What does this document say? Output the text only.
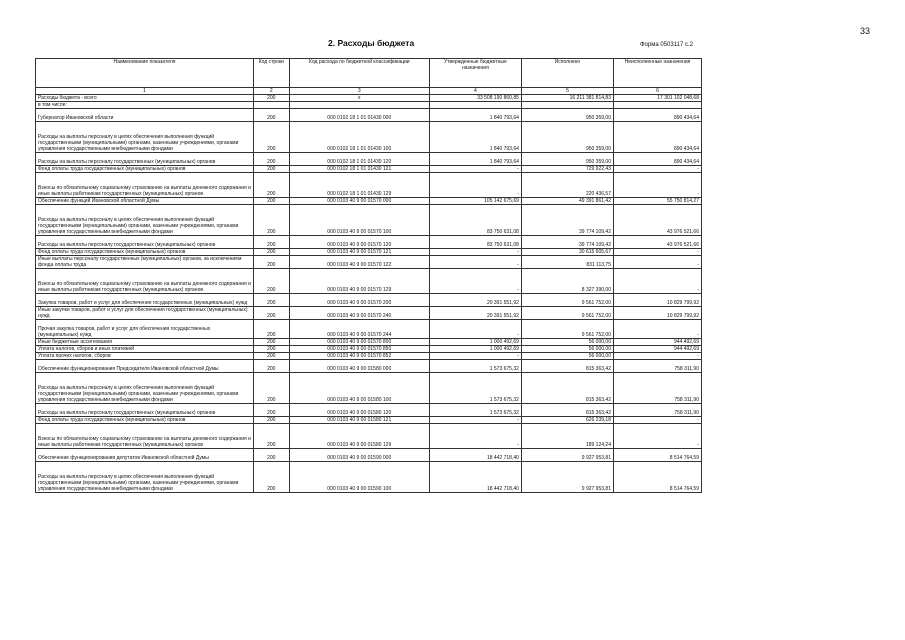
33
2. Расходы бюджета	Форма 0503117 с.2
Наименование показателя	Код строки	Код расхода по бюджетной классификации	Утвержденные бюджетные назначения	Исполнено	Неисполненные назначения
1	2	3	4	5	6
Расходы бюджета - всего	200	x	33 508 190 860,85	16 211 381 814,83	17 301 102 048,68
в том числе:					
Губернатор Ивановской области	200	000 0102 18 1 01 01430 000	1 840 793,64	950 359,00	890 434,64
Расходы на выплаты персоналу в целях обеспечения выполнения функций государственными (муниципальными) органами, казенными учреждениями, органами управления государственными внебюджетными фондами	200	000 0102 18 1 01 01430 100	1 840 793,64	950 359,00	890 434,64
Расходы на выплаты персоналу государственных (муниципальных) органов	200	000 0102 18 1 01 01430 120	1 840 793,64	950 359,00	890 434,64
Фонд оплаты труда государственных (муниципальных) органов	200	000 0102 18 1 01 01430 121	-	729 922,43	-
Взносы по обязательному социальному страхованию на выплаты денежного содержания и иные выплаты работникам государственных (муниципальных) органов	200	000 0102 18 1 01 01430 129	-	220 436,57	-
Обеспечение функций Ивановской областной Думы	200	000 0103 40 9 00 01570 000	105 142 675,69	49 391 861,42	55 750 814,27
Расходы на выплаты персоналу в целях обеспечения выполнения функций государственными (муниципальными) органами, казенными учреждениями, органами управления государственными внебюджетными фондами	200	000 0103 40 9 00 01570 100	83 750 631,08	39 774 109,42	43 976 521,66
Расходы на выплаты персоналу государственных (муниципальных) органов	200	000 0103 40 9 00 01570 120	83 750 631,08	39 774 109,42	43 976 521,66
Фонд оплаты труда государственных (муниципальных) органов	200	000 0103 40 9 00 01570 121	-	30 615 605,67	-
Иные выплаты персоналу государственных (муниципальных) органов, за исключением фонда оплаты труда	200	000 0103 40 9 00 01570 122	-	831 113,75	-
Взносы по обязательному социальному страхованию на выплаты денежного содержания и иные выплаты работникам государственных (муниципальных) органов	200	000 0103 40 9 00 01570 129	-	8 327 390,00	-
Закупка товаров, работ и услуг для обеспечения государственных (муниципальных) нужд	200	000 0103 40 9 00 01570 200	20 391 551,92	9 561 752,00	10 829 799,92
Иные закупки товаров, работ и услуг для обеспечения государственных (муниципальных) нужд	200	000 0103 40 9 00 01570 240	20 391 551,92	9 561 752,00	10 829 799,92
Прочая закупка товаров, работ и услуг для обеспечения государственных (муниципальных) нужд	200	000 0103 40 9 00 01570 244	-	9 561 752,00	-
Иные бюджетные ассигнования	200	000 0103 40 9 00 01570 800	1 000 492,69	56 000,00	944 492,69
Уплата налогов, сборов и иных платежей	200	000 0103 40 9 00 01570 850	1 000 492,69	56 000,00	944 492,69
Уплата прочих налогов, сборов	200	000 0103 40 9 00 01570 852	-	56 000,00	-
Обеспечение функционирования Председателя Ивановской областной Думы	200	000 0103 40 9 00 01580 000	1 573 675,32	815 363,42	758 311,90
Расходы на выплаты персоналу в целях обеспечения выполнения функций государственными (муниципальными) органами, казенными учреждениями, органами управления государственными внебюджетными фондами	200	000 0103 40 9 00 01580 100	1 573 675,32	815 363,42	758 311,90
Расходы на выплаты персоналу государственных (муниципальных) органов	200	000 0103 40 9 00 01580 120	1 573 675,32	815 363,42	758 311,90
Фонд оплаты труда государственных (муниципальных) органов	200	000 0103 40 9 00 01580 121	-	626 239,18	-
Взносы по обязательному социальному страхованию на выплаты денежного содержания и иные выплаты работникам государственных (муниципальных) органов	200	000 0103 40 9 00 01580 129	-	189 124,24	-
Обеспечение функционирования депутатов Ивановской областной Думы	200	000 0103 40 9 00 01590 000	18 442 718,40	9 927 953,81	8 514 764,59
Расходы на выплаты персоналу в целях обеспечения выполнения функций государственными (муниципальными) органами, казенными учреждениями, органами управления государственными внебюджетными фондами	200	000 0103 40 9 00 01590 100	18 442 718,40	9 927 953,81	8 514 764,59
